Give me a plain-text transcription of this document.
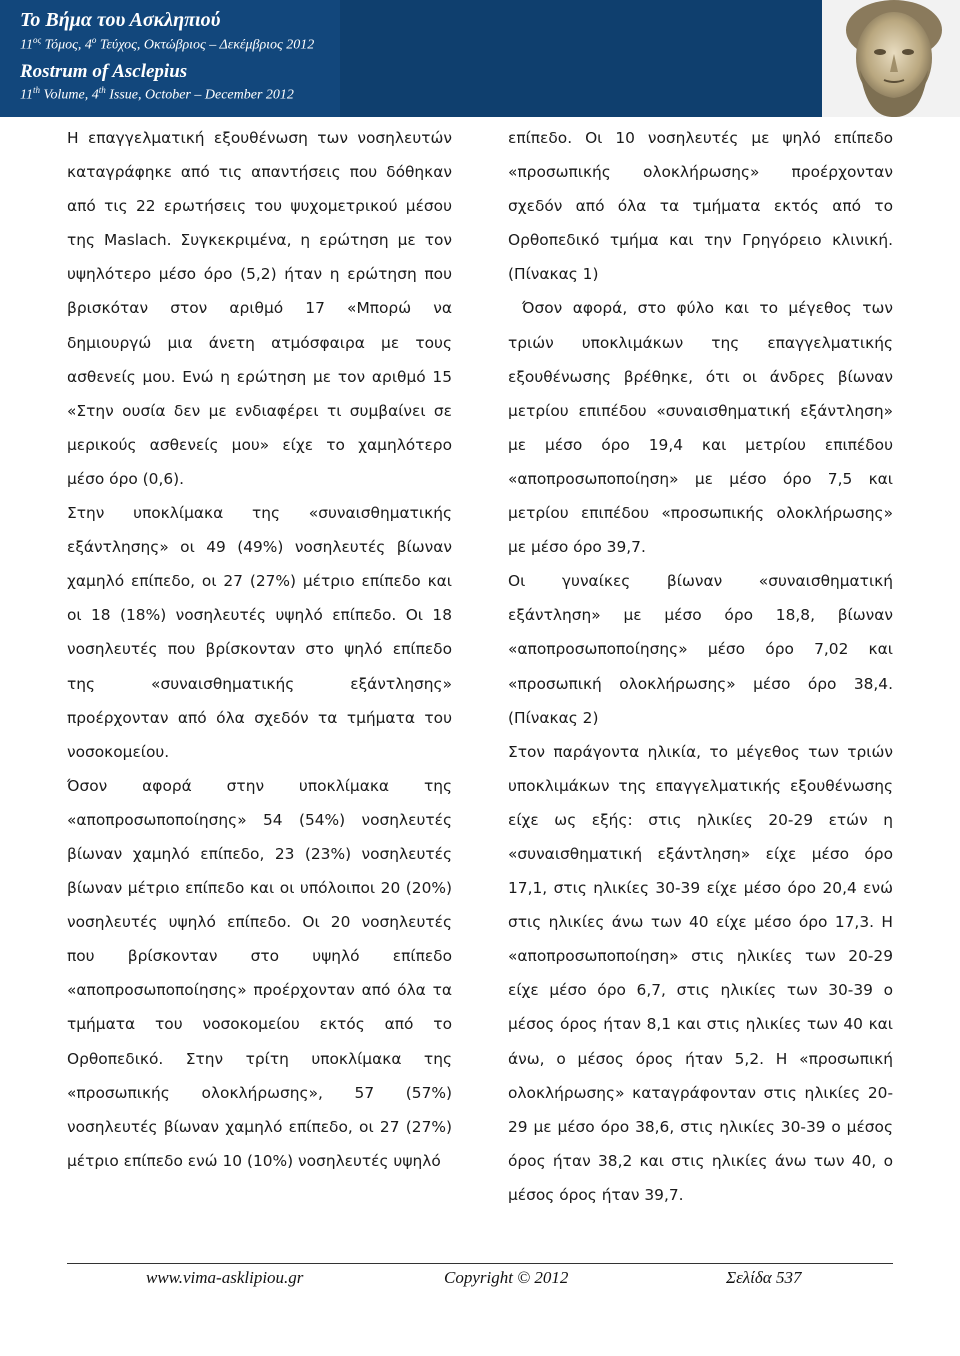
Το Βήμα του Ασκληπιού
$11^{o\varsigma}$ Τόμος, $4^o$ Τεύχος, Οκτώβριος – Δεκέμβριος 2012
Rostrum of Asclepius
11th Volume, 4th Issue, October – December 2012

Η επαγγελματική εξουθένωση των νοσηλευτών καταγράφηκε από τις απαντήσεις που δόθηκαν από τις 22 ερωτήσεις του ψυχομετρικού μέσου της Maslach. Συγκεκριμένα, η ερώτηση με τον υψηλότερο μέσο όρο (5,2) ήταν η ερώτηση που βρισκόταν στον αριθμό 17 «Μπορώ να δημιουργώ μια άνετη ατμόσφαιρα με τους ασθενείς μου. Ενώ η ερώτηση με τον αριθμό 15 «Στην ουσία δεν με ενδιαφέρει τι συμβαίνει σε μερικούς ασθενείς μου» είχε το χαμηλότερο μέσο όρο (0,6).

Στην υποκλίμακα της «συναισθηματικής εξάντλησης» οι 49 (49%) νοσηλευτές βίωναν χαμηλό επίπεδο, οι 27 (27%) μέτριο επίπεδο και οι 18 (18%) νοσηλευτές υψηλό επίπεδο. Οι 18 νοσηλευτές που βρίσκονταν στο ψηλό επίπεδο της «συναισθηματικής εξάντλησης» προέρχονταν από όλα σχεδόν τα τμήματα του νοσοκομείου.

Όσον αφορά στην υποκλίμακα της «αποπροσωποποίησης» 54 (54%) νοσηλευτές βίωναν χαμηλό επίπεδο, 23 (23%) νοσηλευτές βίωναν μέτριο επίπεδο και οι υπόλοιποι 20 (20%) νοσηλευτές υψηλό επίπεδο. Οι 20 νοσηλευτές που βρίσκονταν στο υψηλό επίπεδο «αποπροσωποποίησης» προέρχονταν από όλα τα τμήματα του νοσοκομείου εκτός από το Ορθοπεδικό. Στην τρίτη υποκλίμακα της «προσωπικής ολοκλήρωσης», 57 (57%) νοσηλευτές βίωναν χαμηλό επίπεδο, οι 27 (27%) μέτριο επίπεδο ενώ 10 (10%) νοσηλευτές υψηλό

επίπεδο. Οι 10 νοσηλευτές με ψηλό επίπεδο «προσωπικής ολοκλήρωσης» προέρχονταν σχεδόν από όλα τα τμήματα εκτός από το Ορθοπεδικό τμήμα και την Γρηγόρειο κλινική. (Πίνακας 1)

Όσον αφορά, στο φύλο και το μέγεθος των τριών υποκλιμάκων της επαγγελματικής εξουθένωσης βρέθηκε, ότι οι άνδρες βίωναν μετρίου επιπέδου «συναισθηματική εξάντληση» με μέσο όρο 19,4 και μετρίου επιπέδου «αποπροσωποποίηση» με μέσο όρο 7,5 και μετρίου επιπέδου «προσωπικής ολοκλήρωσης» με μέσο όρο 39,7.

Οι γυναίκες βίωναν «συναισθηματική εξάντληση» με μέσο όρο 18,8, βίωναν «αποπροσωποποίησης» μέσο όρο 7,02 και «προσωπική ολοκλήρωσης» μέσο όρο 38,4. (Πίνακας 2)

Στον παράγοντα ηλικία, το μέγεθος των τριών υποκλιμάκων της επαγγελματικής εξουθένωσης είχε ως εξής: στις ηλικίες 20-29 ετών η «συναισθηματική εξάντληση» είχε μέσο όρο 17,1, στις ηλικίες 30-39 είχε μέσο όρο 20,4 ενώ στις ηλικίες άνω των 40 είχε μέσο όρο 17,3. Η «αποπροσωποποίηση» στις ηλικίες των 20-29 είχε μέσο όρο 6,7, στις ηλικίες των 30-39 ο μέσος όρος ήταν 8,1 και στις ηλικίες των 40 και άνω, ο μέσος όρος ήταν 5,2. Η «προσωπική ολοκλήρωσης» καταγράφονταν στις ηλικίες 20-29 με μέσο όρο 38,6, στις ηλικίες 30-39 ο μέσος όρος ήταν 38,2 και στις ηλικίες άνω των 40, ο μέσος όρος ήταν 39,7.

www.vima-asklipiou.gr	Copyright © 2012	Σελίδα 537
